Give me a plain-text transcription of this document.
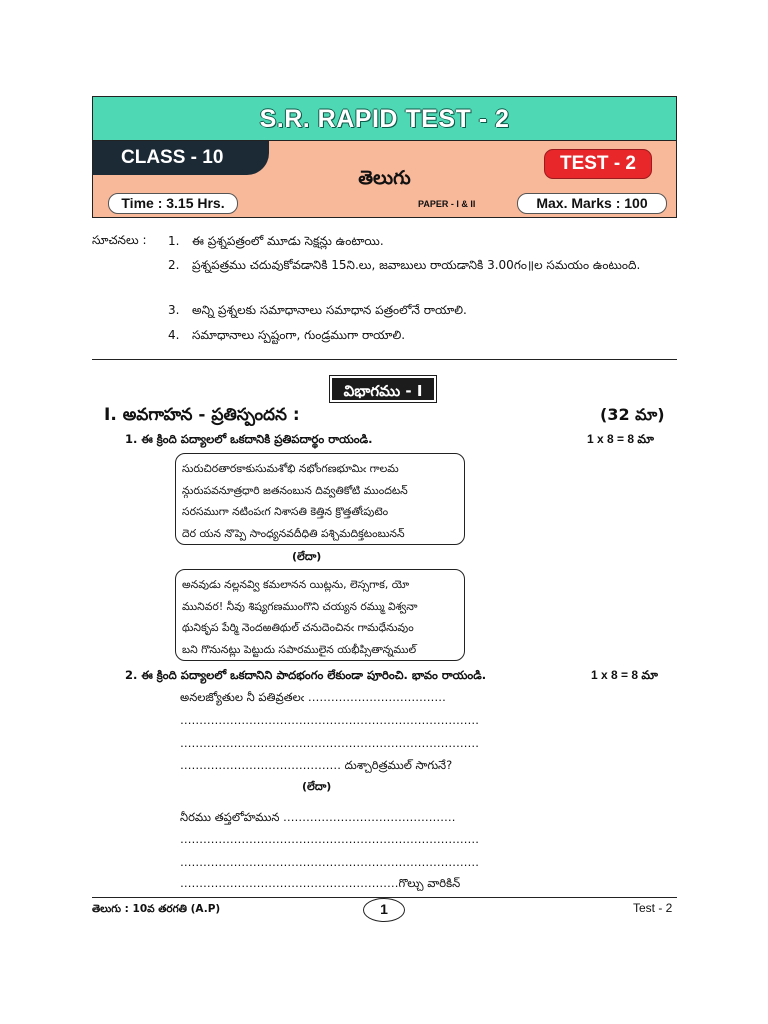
S.R. RAPID TEST - 2
CLASS - 10	TEST - 2
తెలుగు
Time : 3.15 Hrs.	PAPER - I & II	Max. Marks : 100
సూచనలు : 1. ఈ ప్రశ్నపత్రంలో మూడు సెక్షన్లు ఉంటాయి.
2. ప్రశ్నపత్రము చదువుకోవడానికి 15ని.లు, జవాబులు రాయడానికి 3.00గం॥ల సమయం ఉంటుంది.
3. అన్ని ప్రశ్నలకు సమాధానాలు సమాధాన పత్రంలోనే రాయాలి.
4. సమాధానాలు స్పష్టంగా, గుండ్రముగా రాయాలి.
విభాగము - I
I. అవగాహన - ప్రతిస్పందన :	(32 మా)
1. ఈ క్రింది పద్యాలలో ఒకదానికి ప్రతిపదార్థం రాయండి.	1 x 8 = 8 మా
సురుచిరతారకాకుసుమశోభి నభోంగణభూమిఁ గాలమ
న్గురుపవనూత్రధారి జతనంబున దివ్వతికోటి ముందటన్
సరసముగా నటింపఁగ నిశాసతి కెత్తిన క్రొత్తతోఁపుటెం
దెర యన నొప్పె సాంధ్యనవదీధితి పశ్చిమదిక్తటంబునన్
(లేదా)
అనవుడు నల్లనవ్వి కమలానన యిట్లను, లెస్సగాక, యో
మునివర! నీవు శిష్యగణముంగొని చయ్యన రమ్ము విశ్వనా
థునికృప పేర్మి నెందఱతిథుల్ చనుదెంచినఁ గామధేనువుం
బని గొనునట్లు పెట్టుదు సపారములైన యభీప్సితాన్నముల్
2. ఈ క్రింది పద్యాలలో ఒకదానిని పాదభంగం లేకుండా పూరించి. భావం రాయండి.	1 x 8 = 8 మా
అనలజ్యోతుల నీ పతివ్రతలఁ ………………………………
……………………………………………………………………
……………………………………………………………………
…………………………………… దుశ్చారిత్రముల్ సాగునే?
(లేదా)
నీరము తప్తలోహమున ………………………………………
……………………………………………………………………
……………………………………………………………………
…………………………………………………గొల్చు వారికిన్
తెలుగు : 10వ తరగతి (A.P)	1	Test - 2
